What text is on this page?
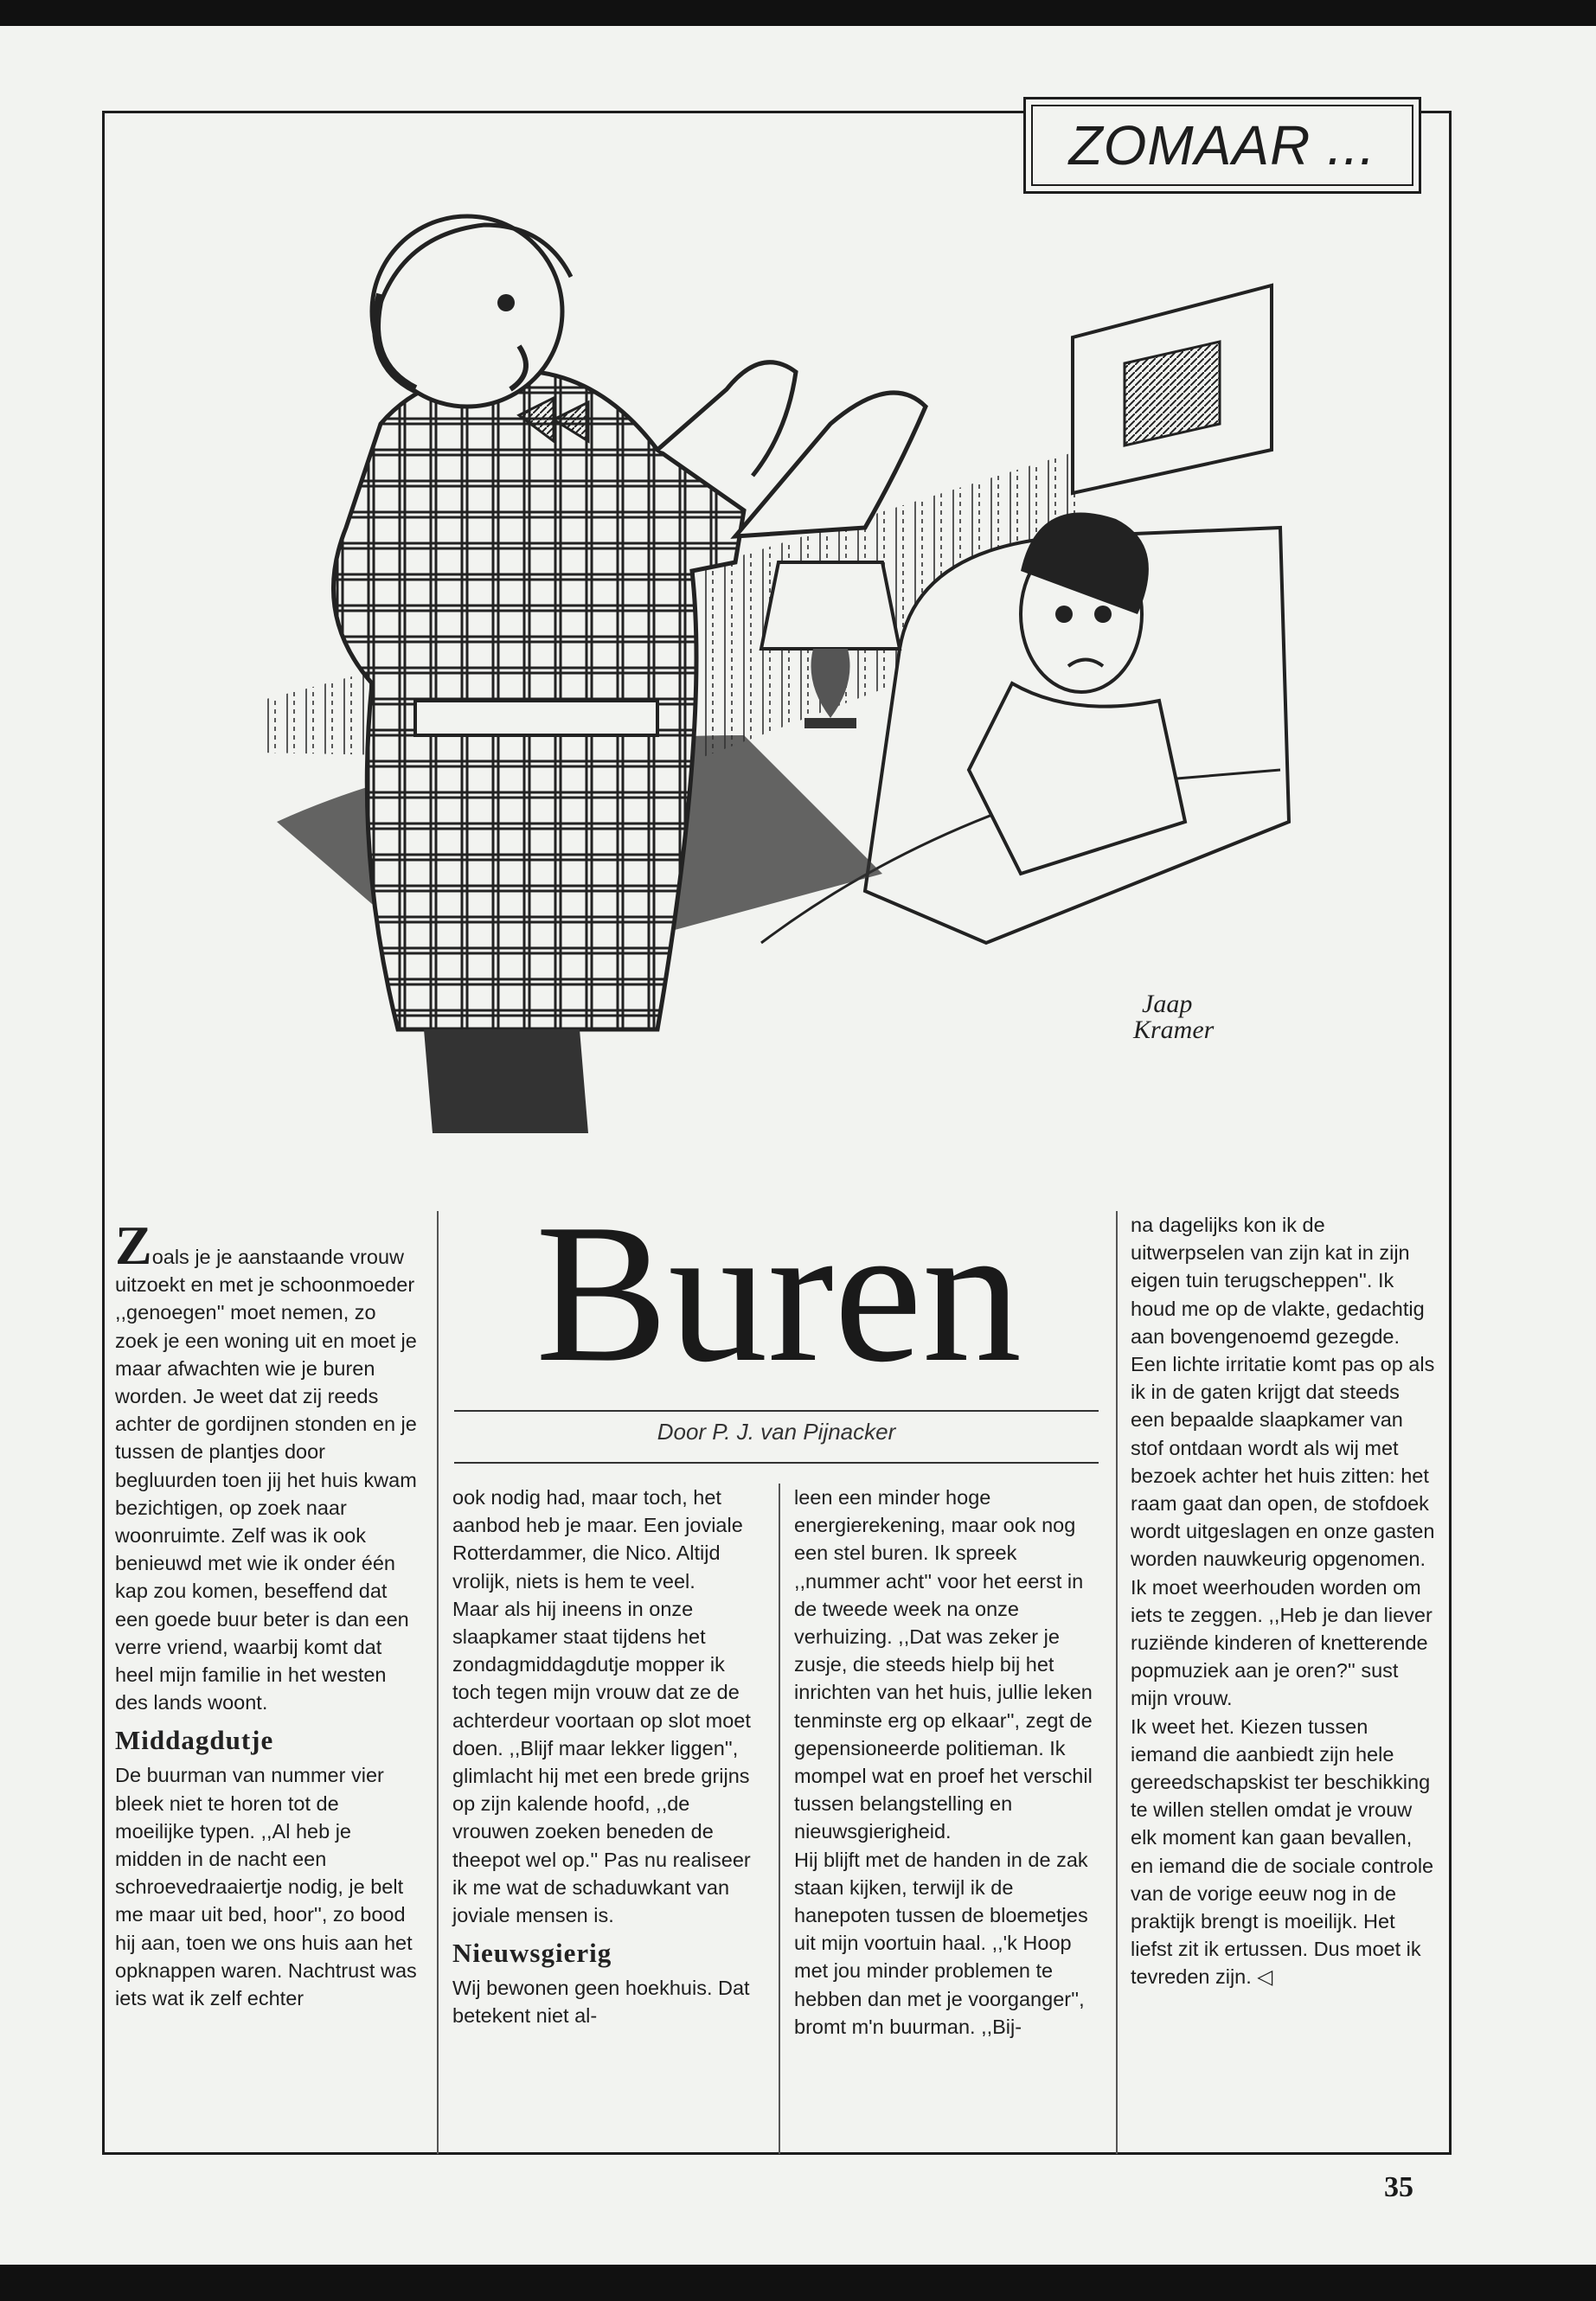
ZOMAAR ...
Jaap
Kramer
Buren
Door P. J. van Pijnacker

Zoals je je aanstaande vrouw uitzoekt en met je schoonmoeder ,,genoegen'' moet nemen, zo zoek je een woning uit en moet je maar afwachten wie je buren worden. Je weet dat zij reeds achter de gordijnen stonden en je tussen de plantjes door begluurden toen jij het huis kwam bezichtigen, op zoek naar woonruimte. Zelf was ik ook benieuwd met wie ik onder één kap zou komen, beseffend dat een goede buur beter is dan een verre vriend, waarbij komt dat heel mijn familie in het westen des lands woont.

Middagdutje

De buurman van nummer vier bleek niet te horen tot de moeilijke typen. ,,Al heb je midden in de nacht een schroevedraaiertje nodig, je belt me maar uit bed, hoor'', zo bood hij aan, toen we ons huis aan het opknappen waren. Nachtrust was iets wat ik zelf echter

ook nodig had, maar toch, het aanbod heb je maar. Een joviale Rotterdammer, die Nico. Altijd vrolijk, niets is hem te veel.

Maar als hij ineens in onze slaapkamer staat tijdens het zondagmiddagdutje mopper ik toch tegen mijn vrouw dat ze de achterdeur voortaan op slot moet doen. ,,Blijf maar lekker liggen'', glimlacht hij met een brede grijns op zijn kalende hoofd, ,,de vrouwen zoeken beneden de theepot wel op.'' Pas nu realiseer ik me wat de schaduwkant van joviale mensen is.

Nieuwsgierig

Wij bewonen geen hoekhuis. Dat betekent niet al-

leen een minder hoge energierekening, maar ook nog een stel buren. Ik spreek ,,nummer acht'' voor het eerst in de tweede week na onze verhuizing. ,,Dat was zeker je zusje, die steeds hielp bij het inrichten van het huis, jullie leken tenminste erg op elkaar'', zegt de gepensioneerde politieman. Ik mompel wat en proef het verschil tussen belangstelling en nieuwsgierigheid.

Hij blijft met de handen in de zak staan kijken, terwijl ik de hanepoten tussen de bloemetjes uit mijn voortuin haal. ,,'k Hoop met jou minder problemen te hebben dan met je voorganger'', bromt m'n buurman. ,,Bij-

na dagelijks kon ik de uitwerpselen van zijn kat in zijn eigen tuin terugscheppen''. Ik houd me op de vlakte, gedachtig aan bovengenoemd gezegde.

Een lichte irritatie komt pas op als ik in de gaten krijgt dat steeds een bepaalde slaapkamer van stof ontdaan wordt als wij met bezoek achter het huis zitten: het raam gaat dan open, de stofdoek wordt uitgeslagen en onze gasten worden nauwkeurig opgenomen. Ik moet weerhouden worden om iets te zeggen. ,,Heb je dan liever ruziënde kinderen of knetterende popmuziek aan je oren?'' sust mijn vrouw.

Ik weet het. Kiezen tussen iemand die aanbiedt zijn hele gereedschapskist ter beschikking te willen stellen omdat je vrouw elk moment kan gaan bevallen, en iemand die de sociale controle van de vorige eeuw nog in de praktijk brengt is moeilijk. Het liefst zit ik ertussen. Dus moet ik tevreden zijn. ◁

35
